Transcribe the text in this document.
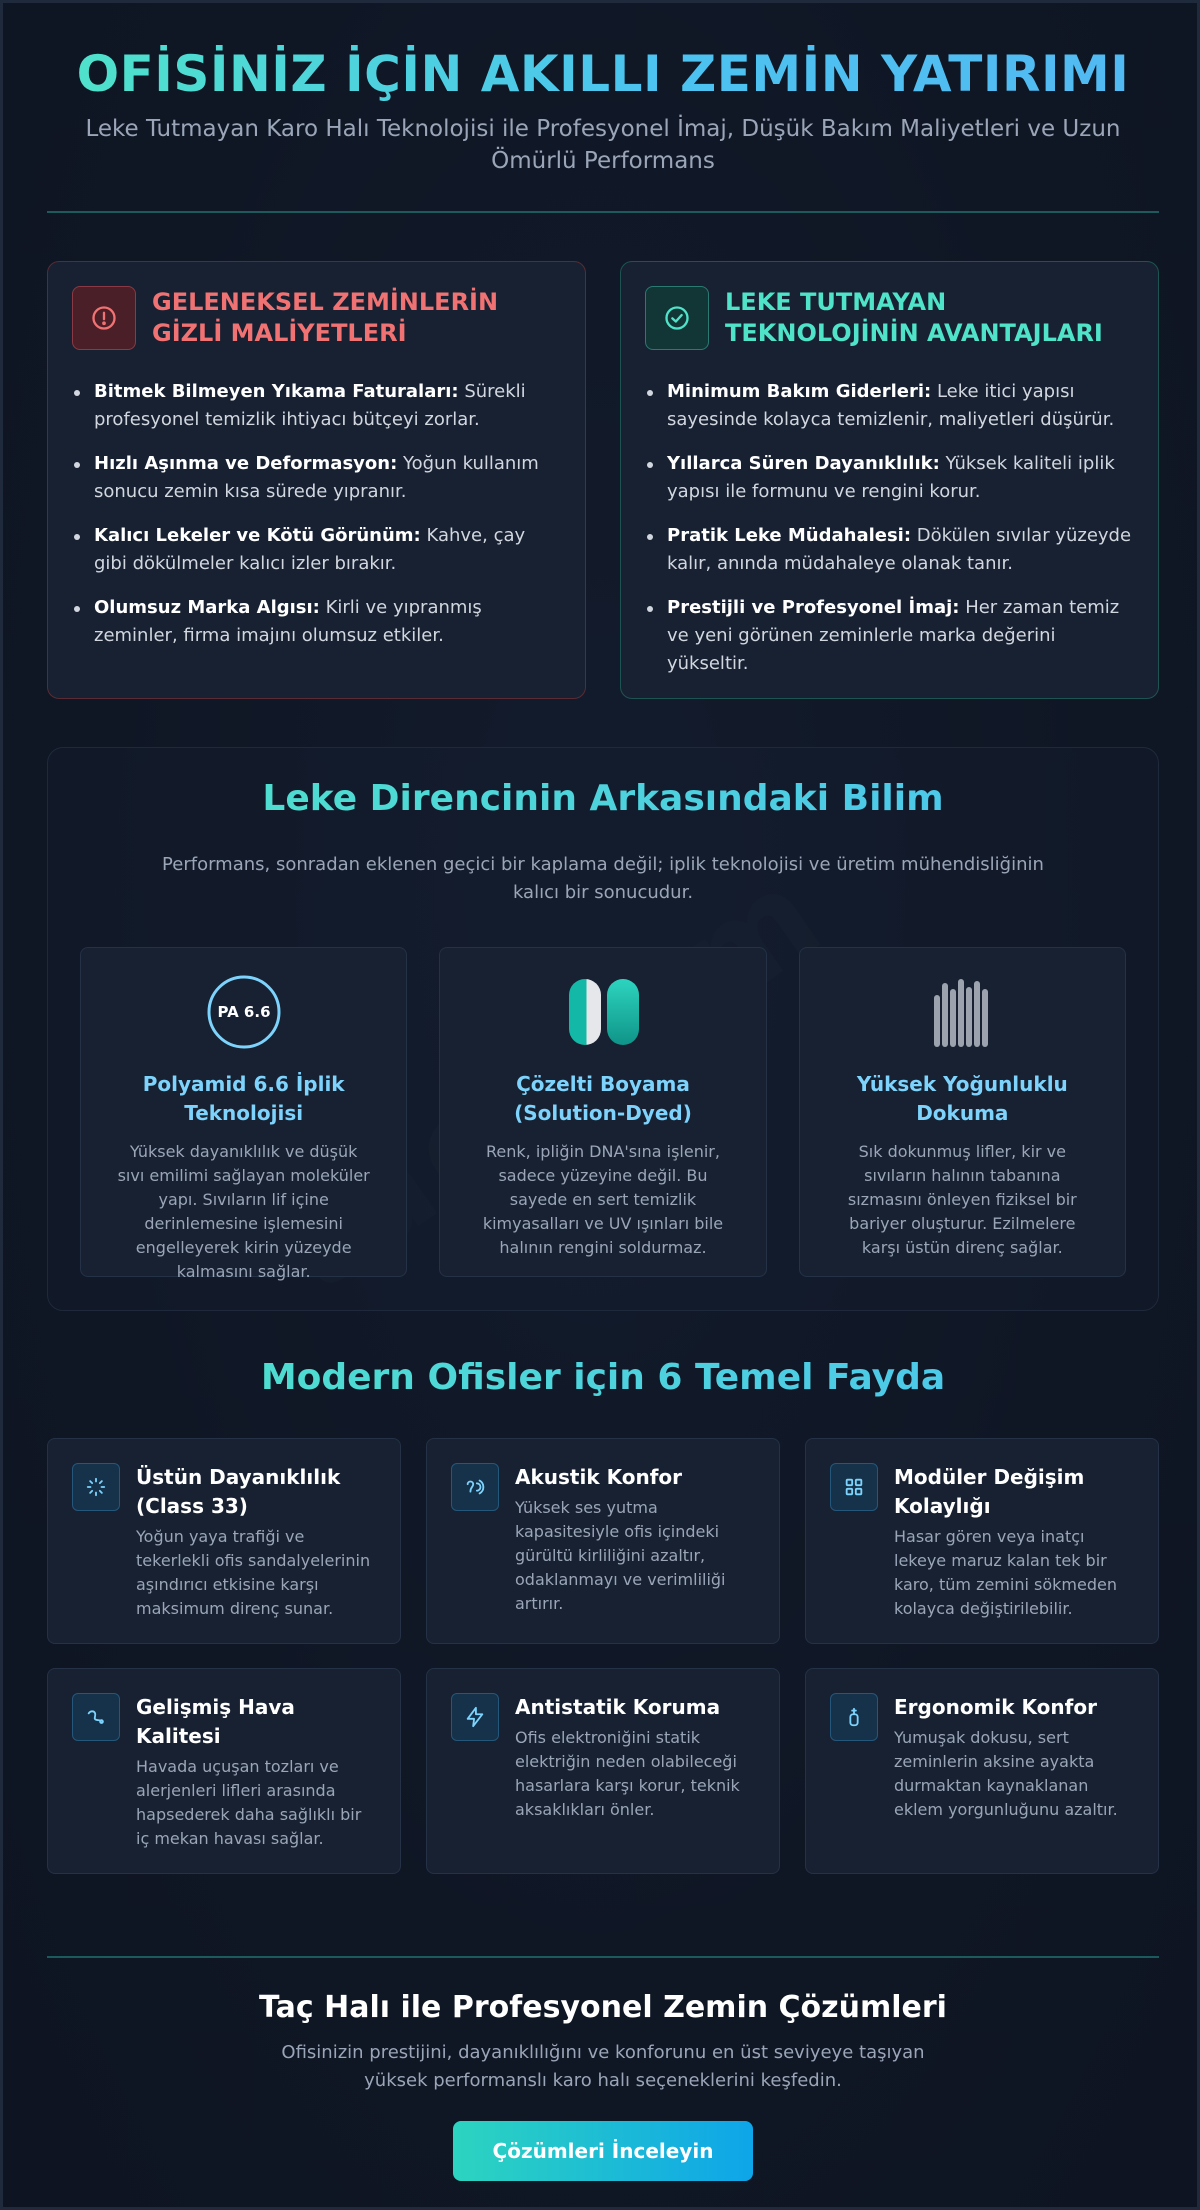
OFİSİNİZ İÇİN AKILLI ZEMİN YATIRIMI

Leke Tutmayan Karo Halı Teknolojisi ile Profesyonel İmaj, Düşük Bakım Maliyetleri ve Uzun Ömürlü Performans

GELENEKSEL ZEMİNLERİN GİZLİ MALİYETLERİ
Bitmek Bilmeyen Yıkama Faturaları: Sürekli profesyonel temizlik ihtiyacı bütçeyi zorlar.
Hızlı Aşınma ve Deformasyon: Yoğun kullanım sonucu zemin kısa sürede yıpranır.
Kalıcı Lekeler ve Kötü Görünüm: Kahve, çay gibi dökülmeler kalıcı izler bırakır.
Olumsuz Marka Algısı: Kirli ve yıpranmış zeminler, firma imajını olumsuz etkiler.
LEKE TUTMAYAN TEKNOLOJİNİN AVANTAJLARI
Minimum Bakım Giderleri: Leke itici yapısı sayesinde kolayca temizlenir, maliyetleri düşürür.
Yıllarca Süren Dayanıklılık: Yüksek kaliteli iplik yapısı ile formunu ve rengini korur.
Pratik Leke Müdahalesi: Dökülen sıvılar yüzeyde kalır, anında müdahaleye olanak tanır.
Prestijli ve Profesyonel İmaj: Her zaman temiz ve yeni görünen zeminlerle marka değerini yükseltir.
Leke Direncinin Arkasındaki Bilim

Performans, sonradan eklenen geçici bir kaplama değil; iplik teknolojisi ve üretim mühendisliğinin kalıcı bir sonucudur.

PA 6.6
Polyamid 6.6 İplik Teknolojisi

Yüksek dayanıklılık ve düşük sıvı emilimi sağlayan moleküler yapı. Sıvıların lif içine derinlemesine işlemesini engelleyerek kirin yüzeyde kalmasını sağlar.

Çözelti Boyama (Solution-Dyed)

Renk, ipliğin DNA'sına işlenir, sadece yüzeyine değil. Bu sayede en sert temizlik kimyasalları ve UV ışınları bile halının rengini soldurmaz.

Yüksek Yoğunluklu Dokuma

Sık dokunmuş lifler, kir ve sıvıların halının tabanına sızmasını önleyen fiziksel bir bariyer oluşturur. Ezilmelere karşı üstün direnç sağlar.

Modern Ofisler için 6 Temel Fayda
Üstün Dayanıklılık (Class 33)

Yoğun yaya trafiği ve tekerlekli ofis sandalyelerinin aşındırıcı etkisine karşı maksimum direnç sunar.

Akustik Konfor

Yüksek ses yutma kapasitesiyle ofis içindeki gürültü kirliliğini azaltır, odaklanmayı ve verimliliği artırır.

Modüler Değişim Kolaylığı

Hasar gören veya inatçı lekeye maruz kalan tek bir karo, tüm zemini sökmeden kolayca değiştirilebilir.

Gelişmiş Hava Kalitesi

Havada uçuşan tozları ve alerjenleri lifleri arasında hapsederek daha sağlıklı bir iç mekan havası sağlar.

Antistatik Koruma

Ofis elektroniğini statik elektriğin neden olabileceği hasarlara karşı korur, teknik aksaklıkları önler.

Ergonomik Konfor

Yumuşak dokusu, sert zeminlerin aksine ayakta durmaktan kaynaklanan eklem yorgunluğunu azaltır.

Taç Halı ile Profesyonel Zemin Çözümleri

Ofisinizin prestijini, dayanıklılığını ve konforunu en üst seviyeye taşıyan yüksek performanslı karo halı seçeneklerini keşfedin.

Çözümleri İnceleyin
